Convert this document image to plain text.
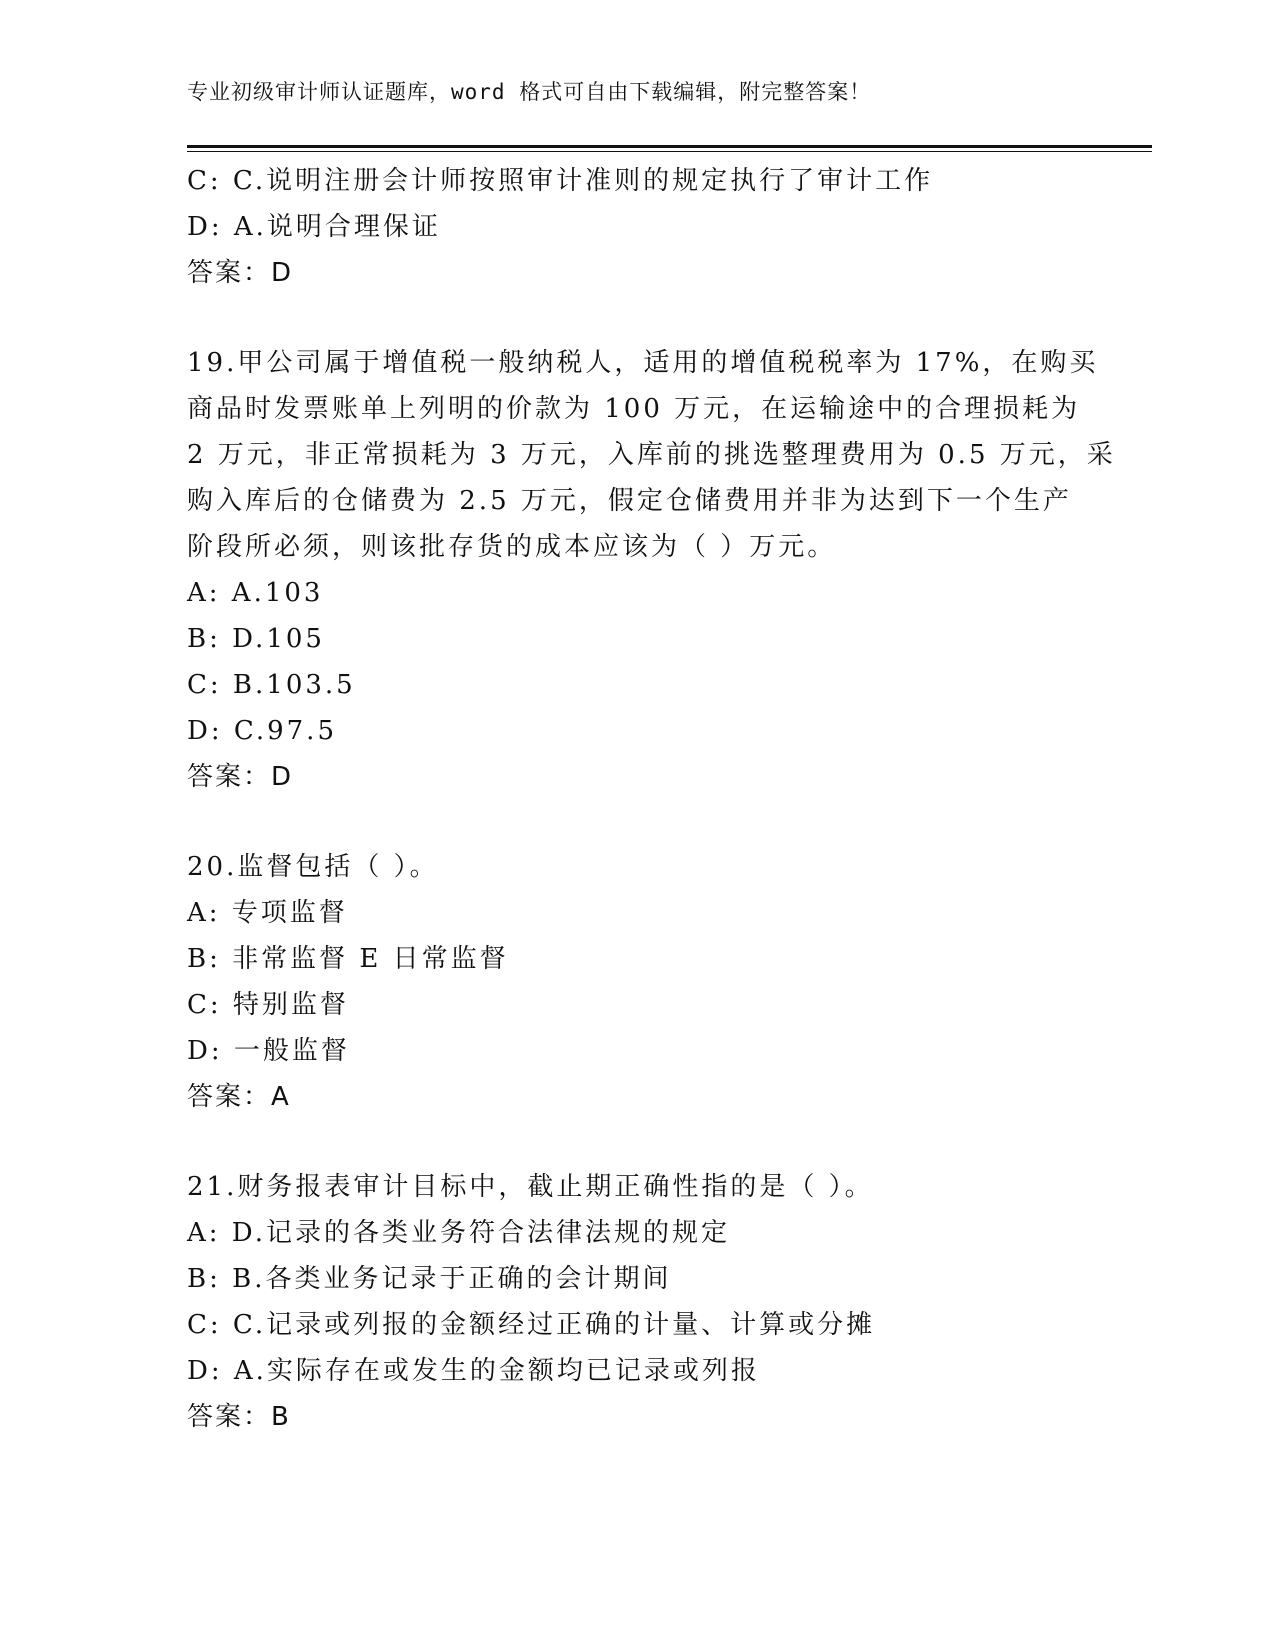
专业初级审计师认证题库，word 格式可自由下载编辑，附完整答案！
C: C.说明注册会计师按照审计准则的规定执行了审计工作
D: A.说明合理保证
答案：D
19.甲公司属于增值税一般纳税人，适用的增值税税率为 17%，在购买
商品时发票账单上列明的价款为 100 万元，在运输途中的合理损耗为
2 万元，非正常损耗为 3 万元，入库前的挑选整理费用为 0.5 万元，采
购入库后的仓储费为 2.5 万元，假定仓储费用并非为达到下一个生产
阶段所必须，则该批存货的成本应该为（ ）万元。
A: A.103
B: D.105
C: B.103.5
D: C.97.5
答案：D
20.监督包括（ ）。
A: 专项监督
B: 非常监督 E 日常监督
C: 特别监督
D: 一般监督
答案：A
21.财务报表审计目标中，截止期正确性指的是（ ）。
A: D.记录的各类业务符合法律法规的规定
B: B.各类业务记录于正确的会计期间
C: C.记录或列报的金额经过正确的计量、计算或分摊
D: A.实际存在或发生的金额均已记录或列报
答案：B
